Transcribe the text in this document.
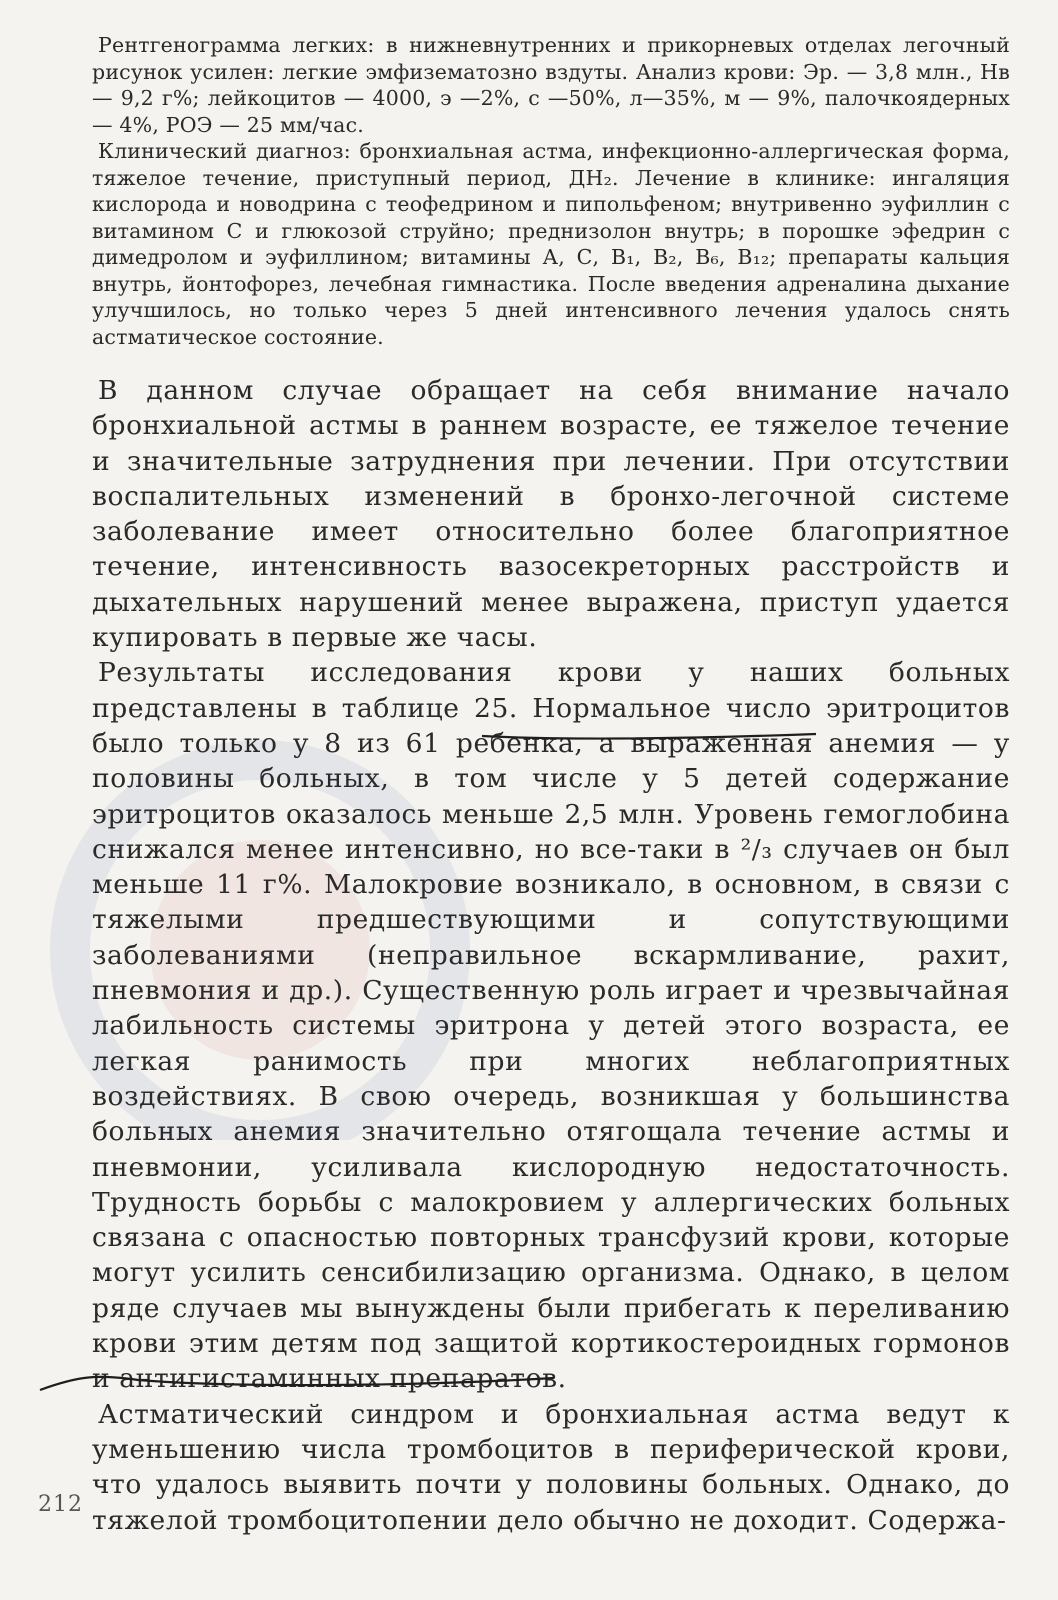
Рентгенограмма легких: в нижневнутренних и прикорневых отделах легочный рисунок усилен: легкие эмфизематозно вздуты. Анализ крови: Эр. — 3,8 млн., Нв — 9,2 г%; лейкоцитов — 4000, э —2%, с —50%, л—35%, м — 9%, палочкоядерных — 4%, РОЭ — 25 мм/час.

Клинический диагноз: бронхиальная астма, инфекционно-аллергическая форма, тяжелое течение, приступный период, ДН₂. Лечение в клинике: ингаляция кислорода и новодрина с теофедрином и пипольфеном; внутривенно эуфиллин с витамином С и глюкозой струйно; преднизолон внутрь; в порошке эфедрин с димедролом и эуфиллином; витамины А, С, B₁, B₂, B₆, B₁₂; препараты кальция внутрь, йонтофорез, лечебная гимнастика. После введения адреналина дыхание улучшилось, но только через 5 дней интенсивного лечения удалось снять астматическое состояние.

В данном случае обращает на себя внимание начало бронхиальной астмы в раннем возрасте, ее тяжелое течение и значительные затруднения при лечении. При отсутствии воспалительных изменений в бронхо-легочной системе заболевание имеет относительно более благоприятное течение, интенсивность вазосекреторных расстройств и дыхательных нарушений менее выражена, приступ удается купировать в первые же часы.

Результаты исследования крови у наших больных представлены в таблице 25. Нормальное число эритроцитов было только у 8 из 61 ребенка, а выраженная анемия — у половины больных, в том числе у 5 детей содержание эритроцитов оказалось меньше 2,5 млн. Уровень гемоглобина снижался менее интенсивно, но все-таки в ²/₃ случаев он был меньше 11 г%. Малокровие возникало, в основном, в связи с тяжелыми предшествующими и сопутствующими заболеваниями (неправильное вскармливание, рахит, пневмония и др.). Существенную роль играет и чрезвычайная лабильность системы эритрона у детей этого возраста, ее легкая ранимость при многих неблагоприятных воздействиях. В свою очередь, возникшая у большинства больных анемия значительно отягощала течение астмы и пневмонии, усиливала кислородную недостаточность. Трудность борьбы с малокровием у аллергических больных связана с опасностью повторных трансфузий крови, которые могут усилить сенсибилизацию организма. Однако, в целом ряде случаев мы вынуждены были прибегать к переливанию крови этим детям под защитой кортикостероидных гормонов и антигистаминных препаратов.

Астматический синдром и бронхиальная астма ведут к уменьшению числа тромбоцитов в периферической крови, что удалось выявить почти у половины больных. Однако, до тяжелой тромбоцитопении дело обычно не доходит. Содержа-

212
